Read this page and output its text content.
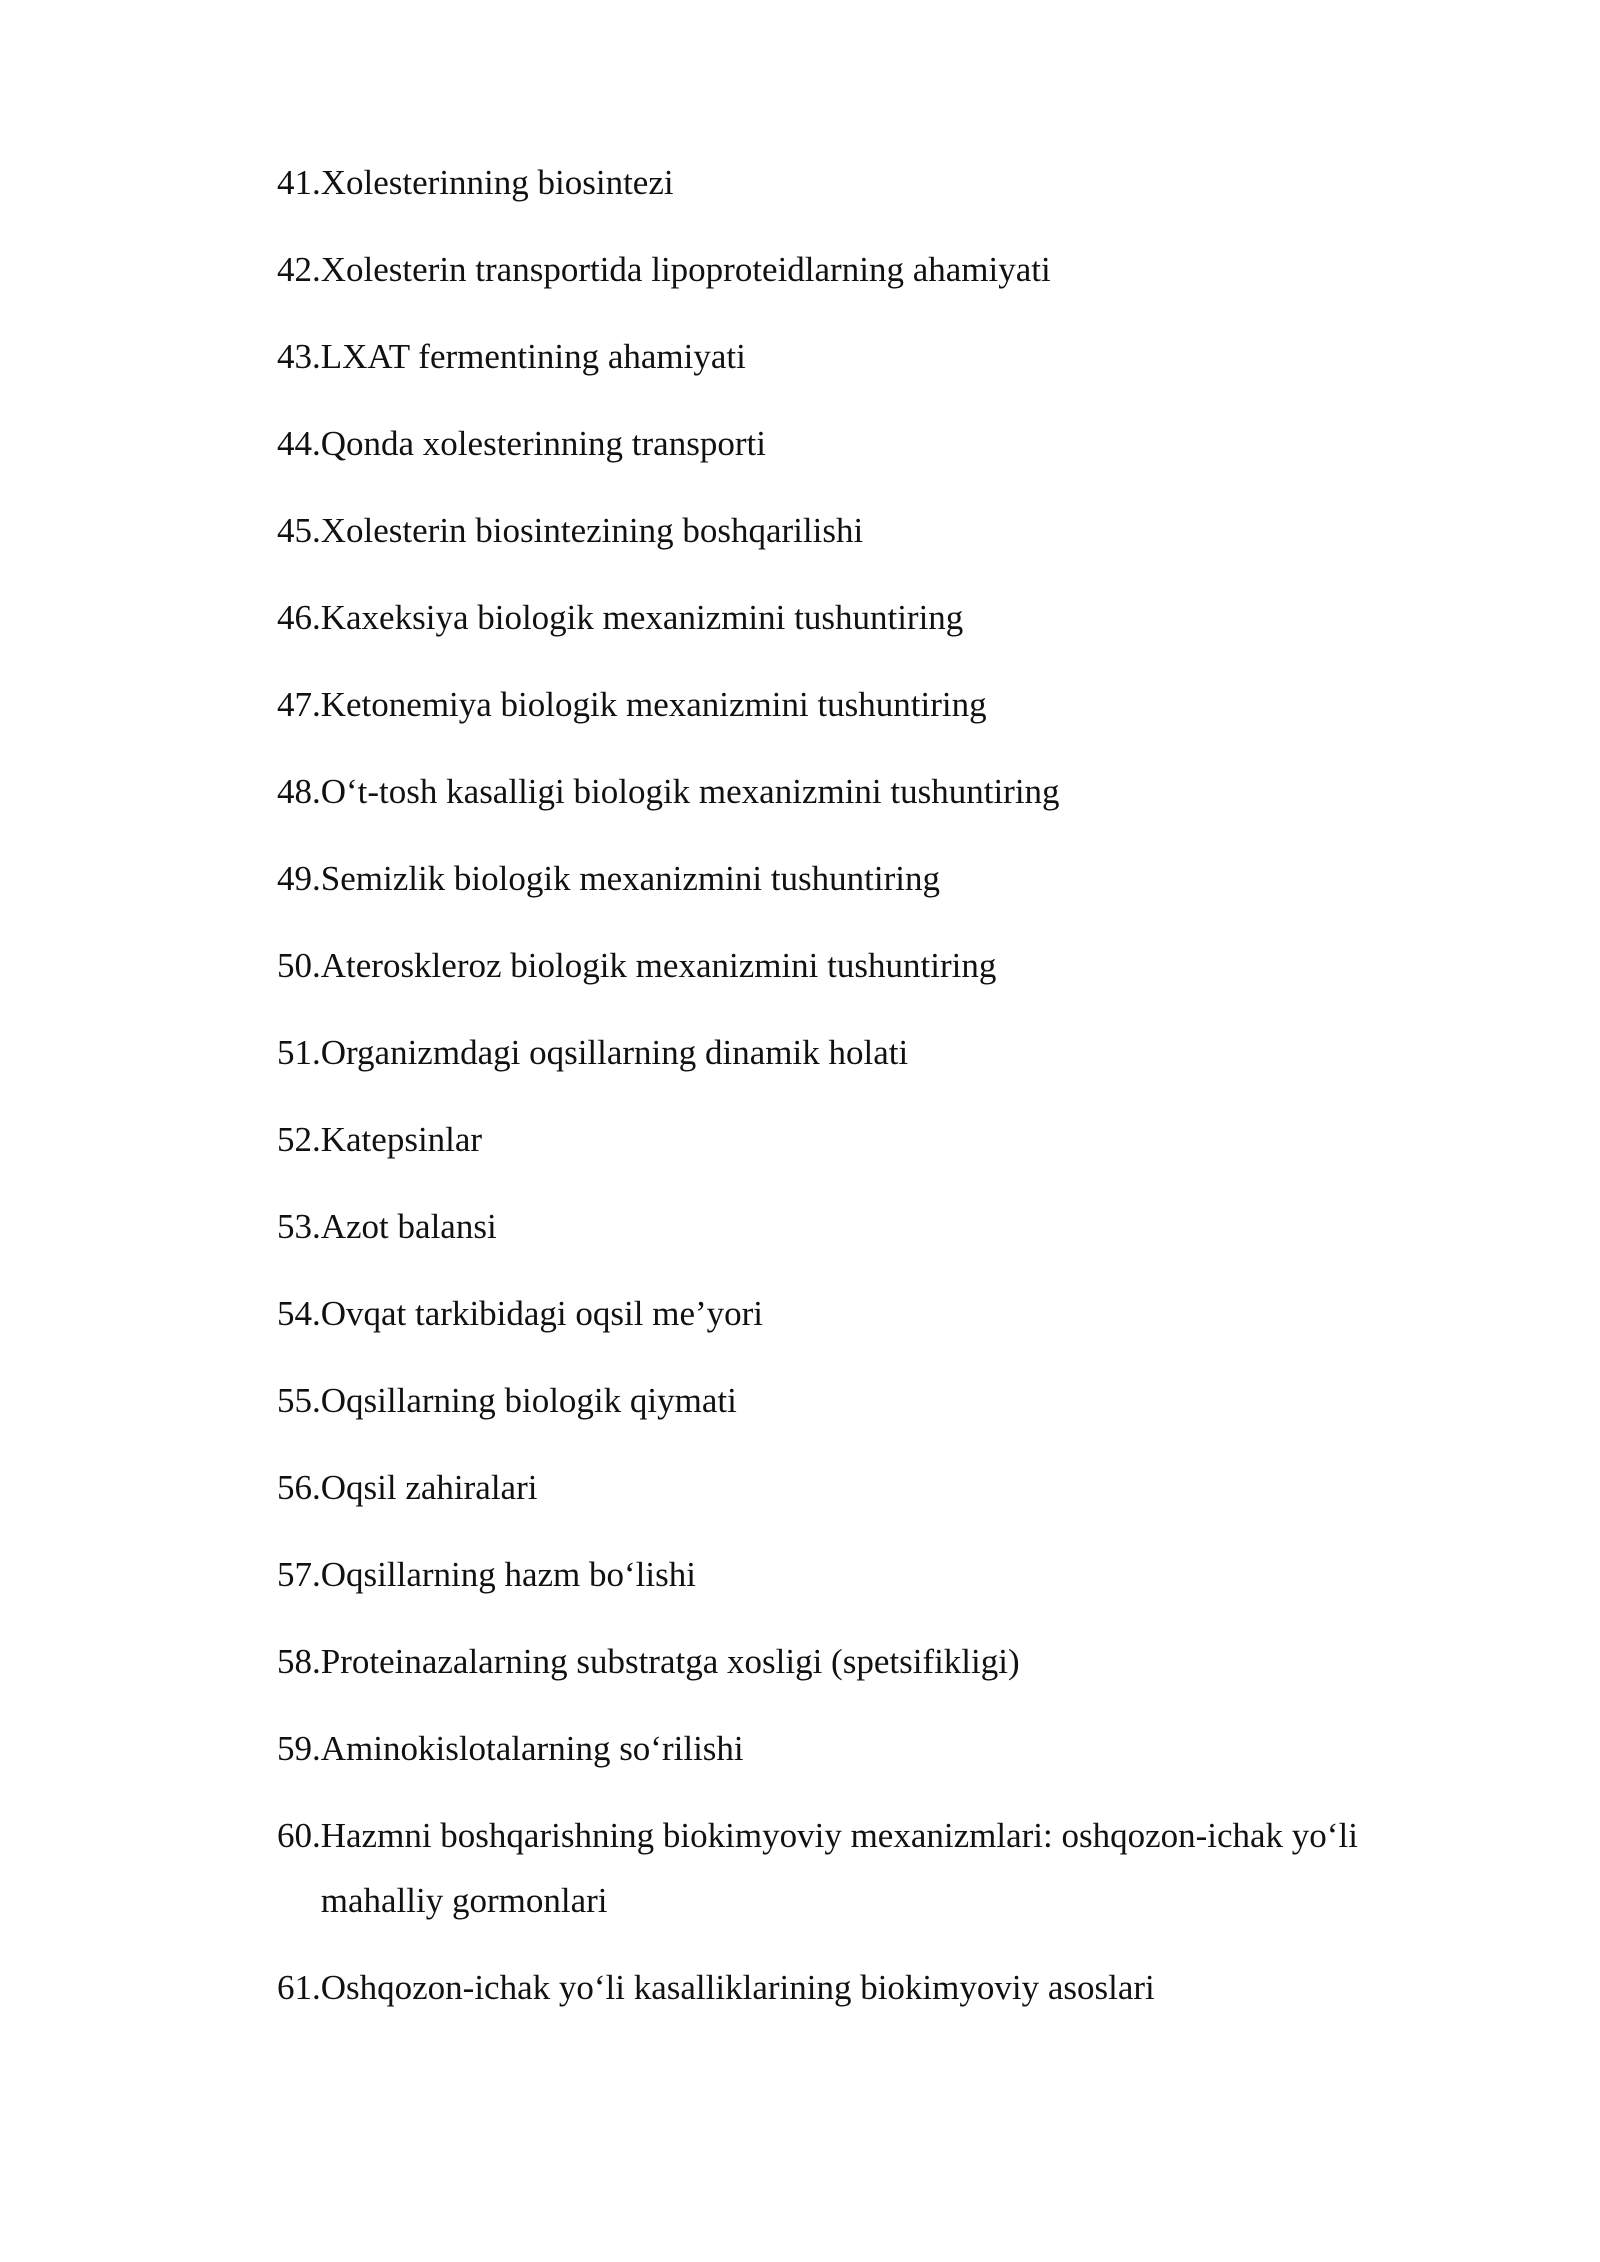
41. Xolesterinning biosintezi
42. Xolesterin transportida lipoproteidlarning ahamiyati
43. LXAT fermentining ahamiyati
44. Qonda xolesterinning transporti
45. Xolesterin biosintezining boshqarilishi
46. Kaxeksiya biologik mexanizmini tushuntiring
47. Ketonemiya biologik mexanizmini tushuntiring
48. O‘t-tosh kasalligi biologik mexanizmini tushuntiring
49. Semizlik biologik mexanizmini tushuntiring
50. Ateroskleroz biologik mexanizmini tushuntiring
51. Organizmdagi oqsillarning dinamik holati
52. Katepsinlar
53. Azot balansi
54. Ovqat tarkibidagi oqsil me’yori
55. Oqsillarning biologik qiymati
56. Oqsil zahiralari
57. Oqsillarning hazm bo‘lishi
58. Proteinazalarning substratga xosligi (spetsifikligi)
59. Aminokislotalarning so‘rilishi
60. Hazmni boshqarishning biokimyoviy mexanizmlari: oshqozon-ichak yo‘li mahalliy gormonlari
61. Oshqozon-ichak yo‘li kasalliklarining biokimyoviy asoslari
